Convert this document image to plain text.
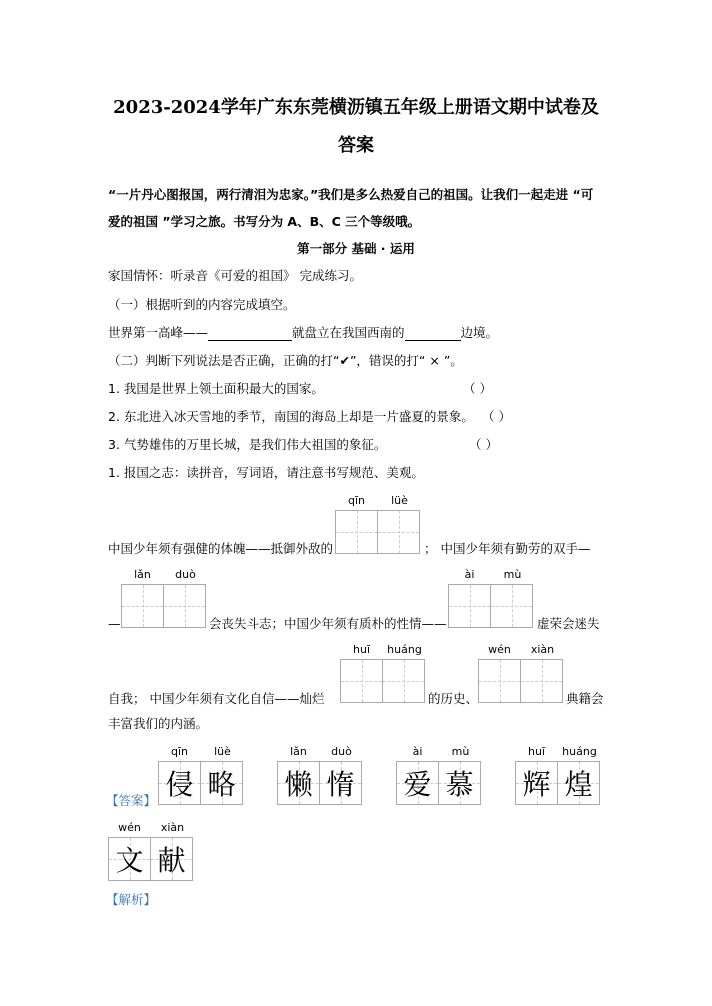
2023-2024学年广东东莞横沥镇五年级上册语文期中试卷及
答案
“一片丹心图报国，两行清泪为忠家。”我们是多么热爱自己的祖国。让我们一起走进 “可
爱的祖国 ”学习之旅。书写分为 A、B、C 三个等级哦。
第一部分 基础 · 运用
家国情怀：听录音《可爱的祖国》 完成练习。
（一）根据听到的内容完成填空。
世界第一高峰——	就盘立在我国西南的	边境。
（二）判断下列说法是否正确，正确的打“✔”，错误的打“ × ”。
1. 我国是世界上领土面积最大的国家。	（ ）
2. 东北进入冰天雪地的季节，南国的海岛上却是一片盛夏的景象。 （ ）
3. 气势雄伟的万里长城，是我们伟大祖国的象征。	（ ）
1. 报国之志：读拼音，写词语，请注意书写规范、美观。
中国少年须有强健的体魄——抵御外敌的	； 中国少年须有勤劳的双手—
—	会丧失斗志；中国少年须有质朴的性情——	虚荣会迷失
自我； 中国少年须有文化自信——灿烂	的历史、	典籍会
丰富我们的内涵。
qīn	lüè
lǎn	duò	ài	mù
huī	huáng	wén	xiàn
【答案】
qīn	lüè
侵 略
lǎn	duò
懒 惰
ài	mù
爱 慕
huī	huáng
辉 煌
wén	xiàn
文 献
【解析】
